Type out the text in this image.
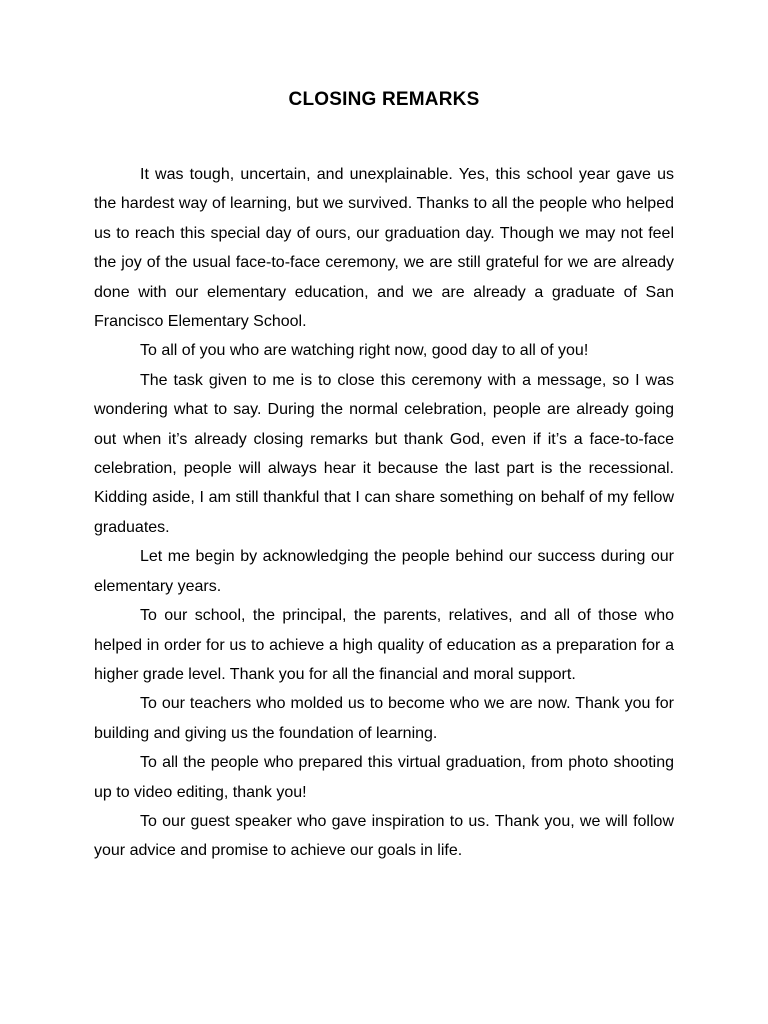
CLOSING REMARKS

It was tough, uncertain, and unexplainable. Yes, this school year gave us the hardest way of learning, but we survived. Thanks to all the people who helped us to reach this special day of ours, our graduation day. Though we may not feel the joy of the usual face-to-face ceremony, we are still grateful for we are already done with our elementary education, and we are already a graduate of San Francisco Elementary School.

To all of you who are watching right now, good day to all of you!

The task given to me is to close this ceremony with a message, so I was wondering what to say. During the normal celebration, people are already going out when it’s already closing remarks but thank God, even if it’s a face-to-face celebration, people will always hear it because the last part is the recessional. Kidding aside, I am still thankful that I can share something on behalf of my fellow graduates.

Let me begin by acknowledging the people behind our success during our elementary years.

To our school, the principal, the parents, relatives, and all of those who helped in order for us to achieve a high quality of education as a preparation for a higher grade level. Thank you for all the financial and moral support.

To our teachers who molded us to become who we are now. Thank you for building and giving us the foundation of learning.

To all the people who prepared this virtual graduation, from photo shooting up to video editing, thank you!

To our guest speaker who gave inspiration to us. Thank you, we will follow your advice and promise to achieve our goals in life.
